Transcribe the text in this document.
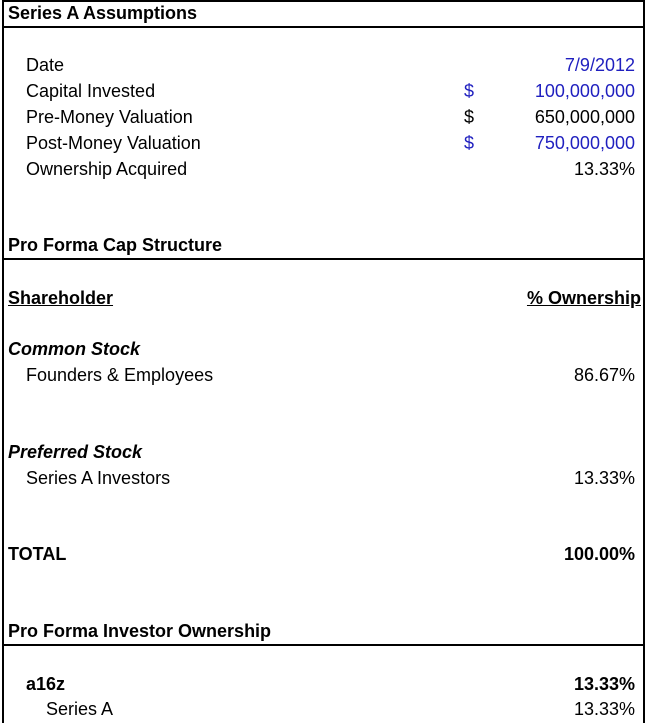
Series A Assumptions
Date	7/9/2012
Capital Invested	$	100,000,000
Pre-Money Valuation	$	650,000,000
Post-Money Valuation	$	750,000,000
Ownership Acquired	13.33%
Pro Forma Cap Structure
Shareholder	% Ownership
Common Stock
Founders & Employees	86.67%
Preferred Stock
Series A Investors	13.33%
TOTAL	100.00%
Pro Forma Investor Ownership
a16z	13.33%
Series A	13.33%
